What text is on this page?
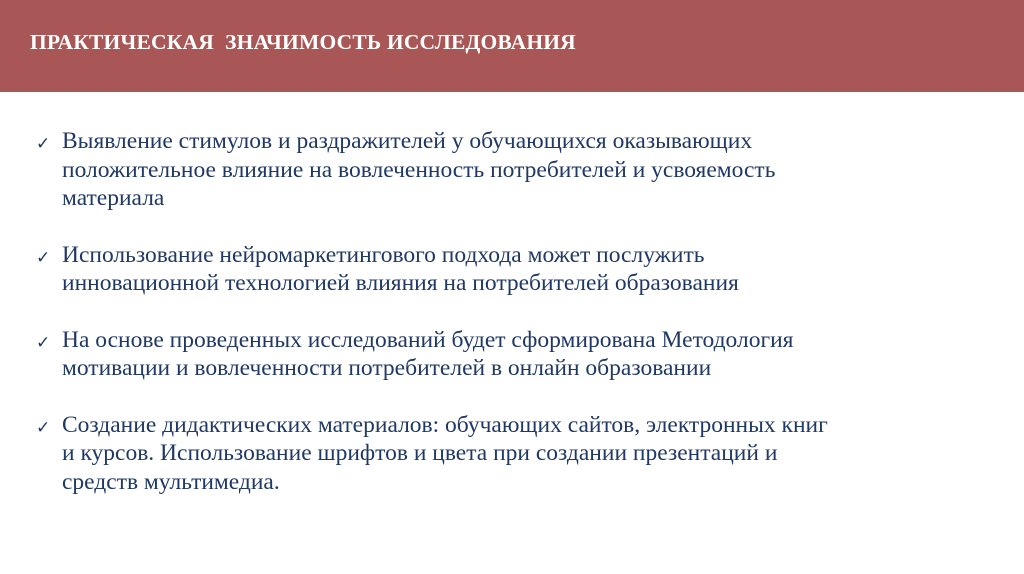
ПРАКТИЧЕСКАЯ  ЗНАЧИМОСТЬ ИССЛЕДОВАНИЯ
✓ Выявление стимулов и раздражителей у обучающихся оказывающих
положительное влияние на вовлеченность потребителей и усвояемость
материала
✓ Использование нейромаркетингового подхода может послужить
инновационной технологией влияния на потребителей образования
✓ На основе проведенных исследований будет сформирована Методология
мотивации и вовлеченности потребителей в онлайн образовании
✓ Создание дидактических материалов: обучающих сайтов, электронных книг
и курсов. Использование шрифтов и цвета при создании презентаций и
средств мультимедиа.
